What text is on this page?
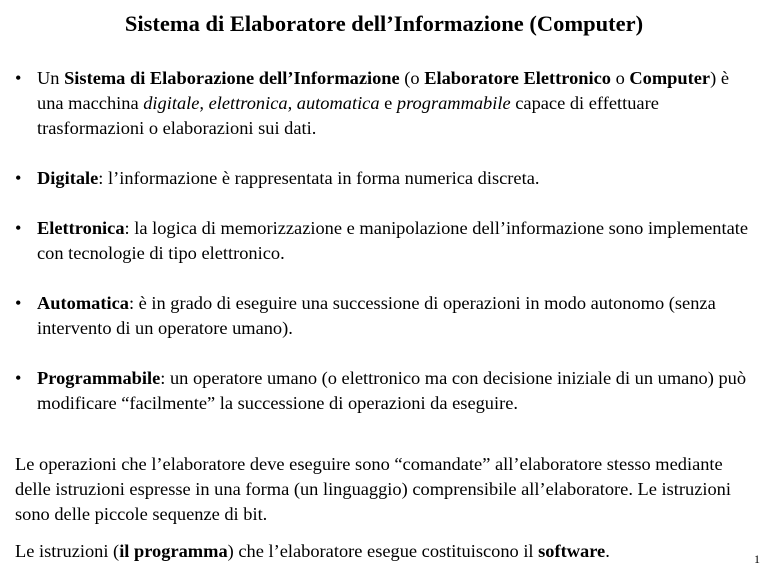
Sistema di Elaboratore dell’Informazione (Computer)
• Un Sistema di Elaborazione dell’Informazione (o Elaboratore Elettronico o Computer) è una macchina digitale, elettronica, automatica e programmabile capace di effettuare trasformazioni o elaborazioni sui dati.
• Digitale: l’informazione è rappresentata in forma numerica discreta.
• Elettronica: la logica di memorizzazione e manipolazione dell’informazione sono implementate con tecnologie di tipo elettronico.
• Automatica: è in grado di eseguire una successione di operazioni in modo autonomo (senza intervento di un operatore umano).
• Programmabile: un operatore umano (o elettronico ma con decisione iniziale di un umano) può modificare “facilmente” la successione di operazioni da eseguire.

Le operazioni che l’elaboratore deve eseguire sono “comandate” all’elaboratore stesso mediante delle istruzioni espresse in una forma (un linguaggio) comprensibile all’elaboratore. Le istruzioni sono delle piccole sequenze di bit.

Le istruzioni (il programma) che l’elaboratore esegue costituiscono il software.	1
